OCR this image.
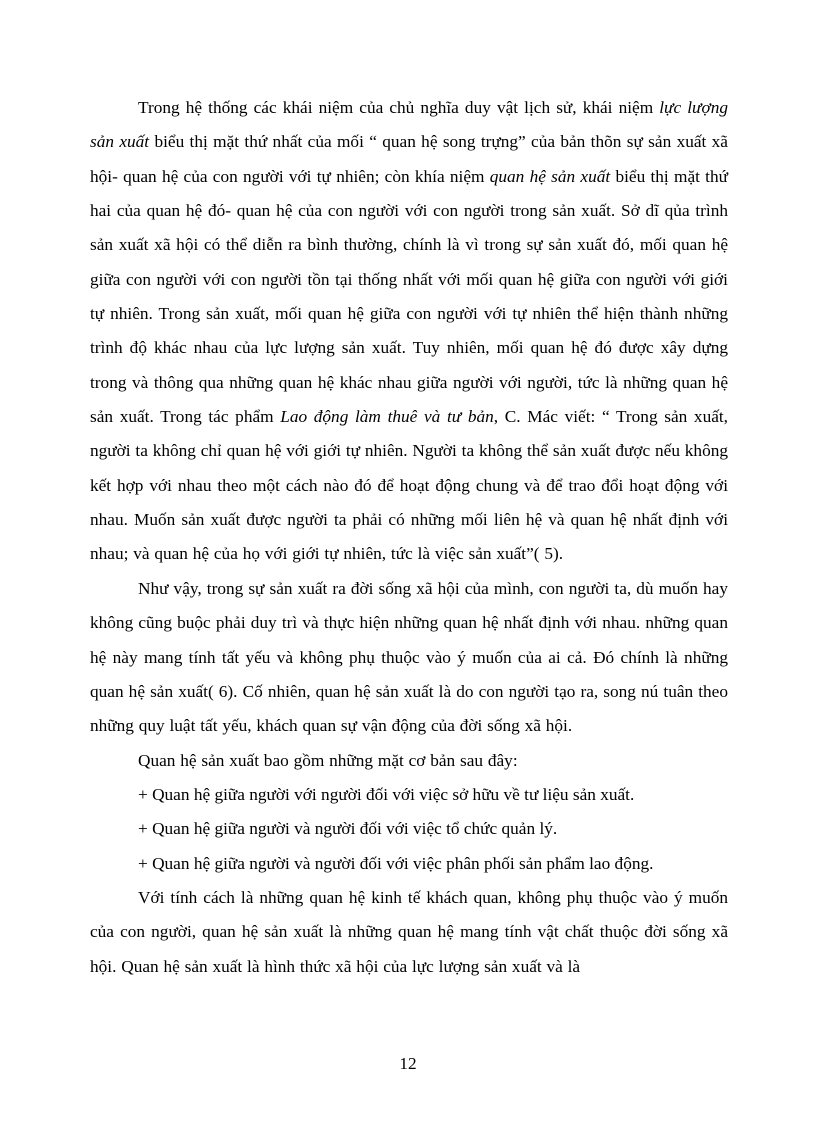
Trong hệ thống các khái niệm của chủ nghĩa duy vật lịch sử, khái niệm lực lượng sản xuất biểu thị mặt thứ nhất của mối “ quan hệ song trựng” của bản thõn sự sản xuất xã hội- quan hệ của con người với tự nhiên; còn khía niệm quan hệ sản xuất biểu thị mặt thứ hai của quan hệ đó- quan hệ của con người với con người trong sản xuất. Sở dĩ qủa trình sản xuất xã hội có thể diễn ra bình thường, chính là vì trong sự sản xuất đó, mối quan hệ giữa con người với con người tồn tại thống nhất với mối quan hệ giữa con người với giới tự nhiên. Trong sản xuất, mối quan hệ giữa con người với tự nhiên thể hiện thành những trình độ khác nhau của lực lượng sản xuất. Tuy nhiên, mối quan hệ đó được xây dựng trong và thông qua những quan hệ khác nhau giữa người với người, tức là những quan hệ sản xuất. Trong tác phẩm Lao động làm thuê và tư bản, C. Mác viết: “ Trong sản xuất, người ta không chỉ quan hệ với giới tự nhiên. Người ta không thể sản xuất được nếu không kết hợp với nhau theo một cách nào đó để hoạt động chung và để trao đổi hoạt động với nhau. Muốn sản xuất được người ta phải có những mối liên hệ và quan hệ nhất định với nhau; và quan hệ của họ với giới tự nhiên, tức là việc sản xuất”( 5).

Như vậy, trong sự sản xuất ra đời sống xã hội của mình, con người ta, dù muốn hay không cũng buộc phải duy trì và thực hiện những quan hệ nhất định với nhau. những quan hệ này mang tính tất yếu và không phụ thuộc vào ý muốn của ai cả. Đó chính là những quan hệ sản xuất( 6). Cố nhiên, quan hệ sản xuất là do con người tạo ra, song nú tuân theo những quy luật tất yếu, khách quan sự vận động của đời sống xã hội.

Quan hệ sản xuất bao gồm những mặt cơ bản sau đây:

+ Quan hệ giữa người với người đối với việc sở hữu về tư liệu sản xuất.

+ Quan hệ giữa người và người đối với việc tổ chức quản lý.

+ Quan hệ giữa người và người đối với việc phân phối sản phẩm lao động.

Với tính cách là những quan hệ kinh tế khách quan, không phụ thuộc vào ý muốn của con người, quan hệ sản xuất là những quan hệ mang tính vật chất thuộc đời sống xã hội. Quan hệ sản xuất là hình thức xã hội của lực lượng sản xuất và là

12
